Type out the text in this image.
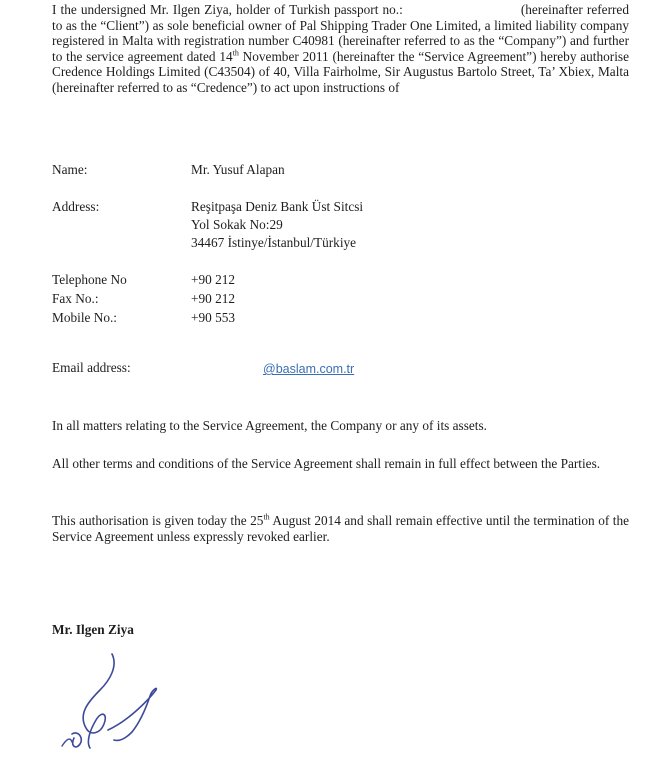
I the undersigned Mr. Ilgen Ziya, holder of Turkish passport no.:	(hereinafter referred to as the “Client”) as sole beneficial owner of Pal Shipping Trader One Limited, a limited liability company registered in Malta with registration number C40981 (hereinafter referred to as the “Company”) and further to the service agreement dated 14th November 2011 (hereinafter the “Service Agreement”) hereby authorise Credence Holdings Limited (C43504) of 40, Villa Fairholme, Sir Augustus Bartolo Street, Ta’ Xbiex, Malta (hereinafter referred to as “Credence”) to act upon instructions of

Name:	Mr. Yusuf Alapan
Address:	Reşitpaşa Deniz Bank Üst Sitcsi
Yol Sokak No:29
34467 İstinye/İstanbul/Türkiye
Telephone No	+90 212
Fax No.:	+90 212
Mobile No.:	+90 553
Email address:	@baslam.com.tr

In all matters relating to the Service Agreement, the Company or any of its assets.

All other terms and conditions of the Service Agreement shall remain in full effect between the Parties.

This authorisation is given today the 25th August 2014 and shall remain effective until the termination of the Service Agreement unless expressly revoked earlier.

Mr. Ilgen Ziya
